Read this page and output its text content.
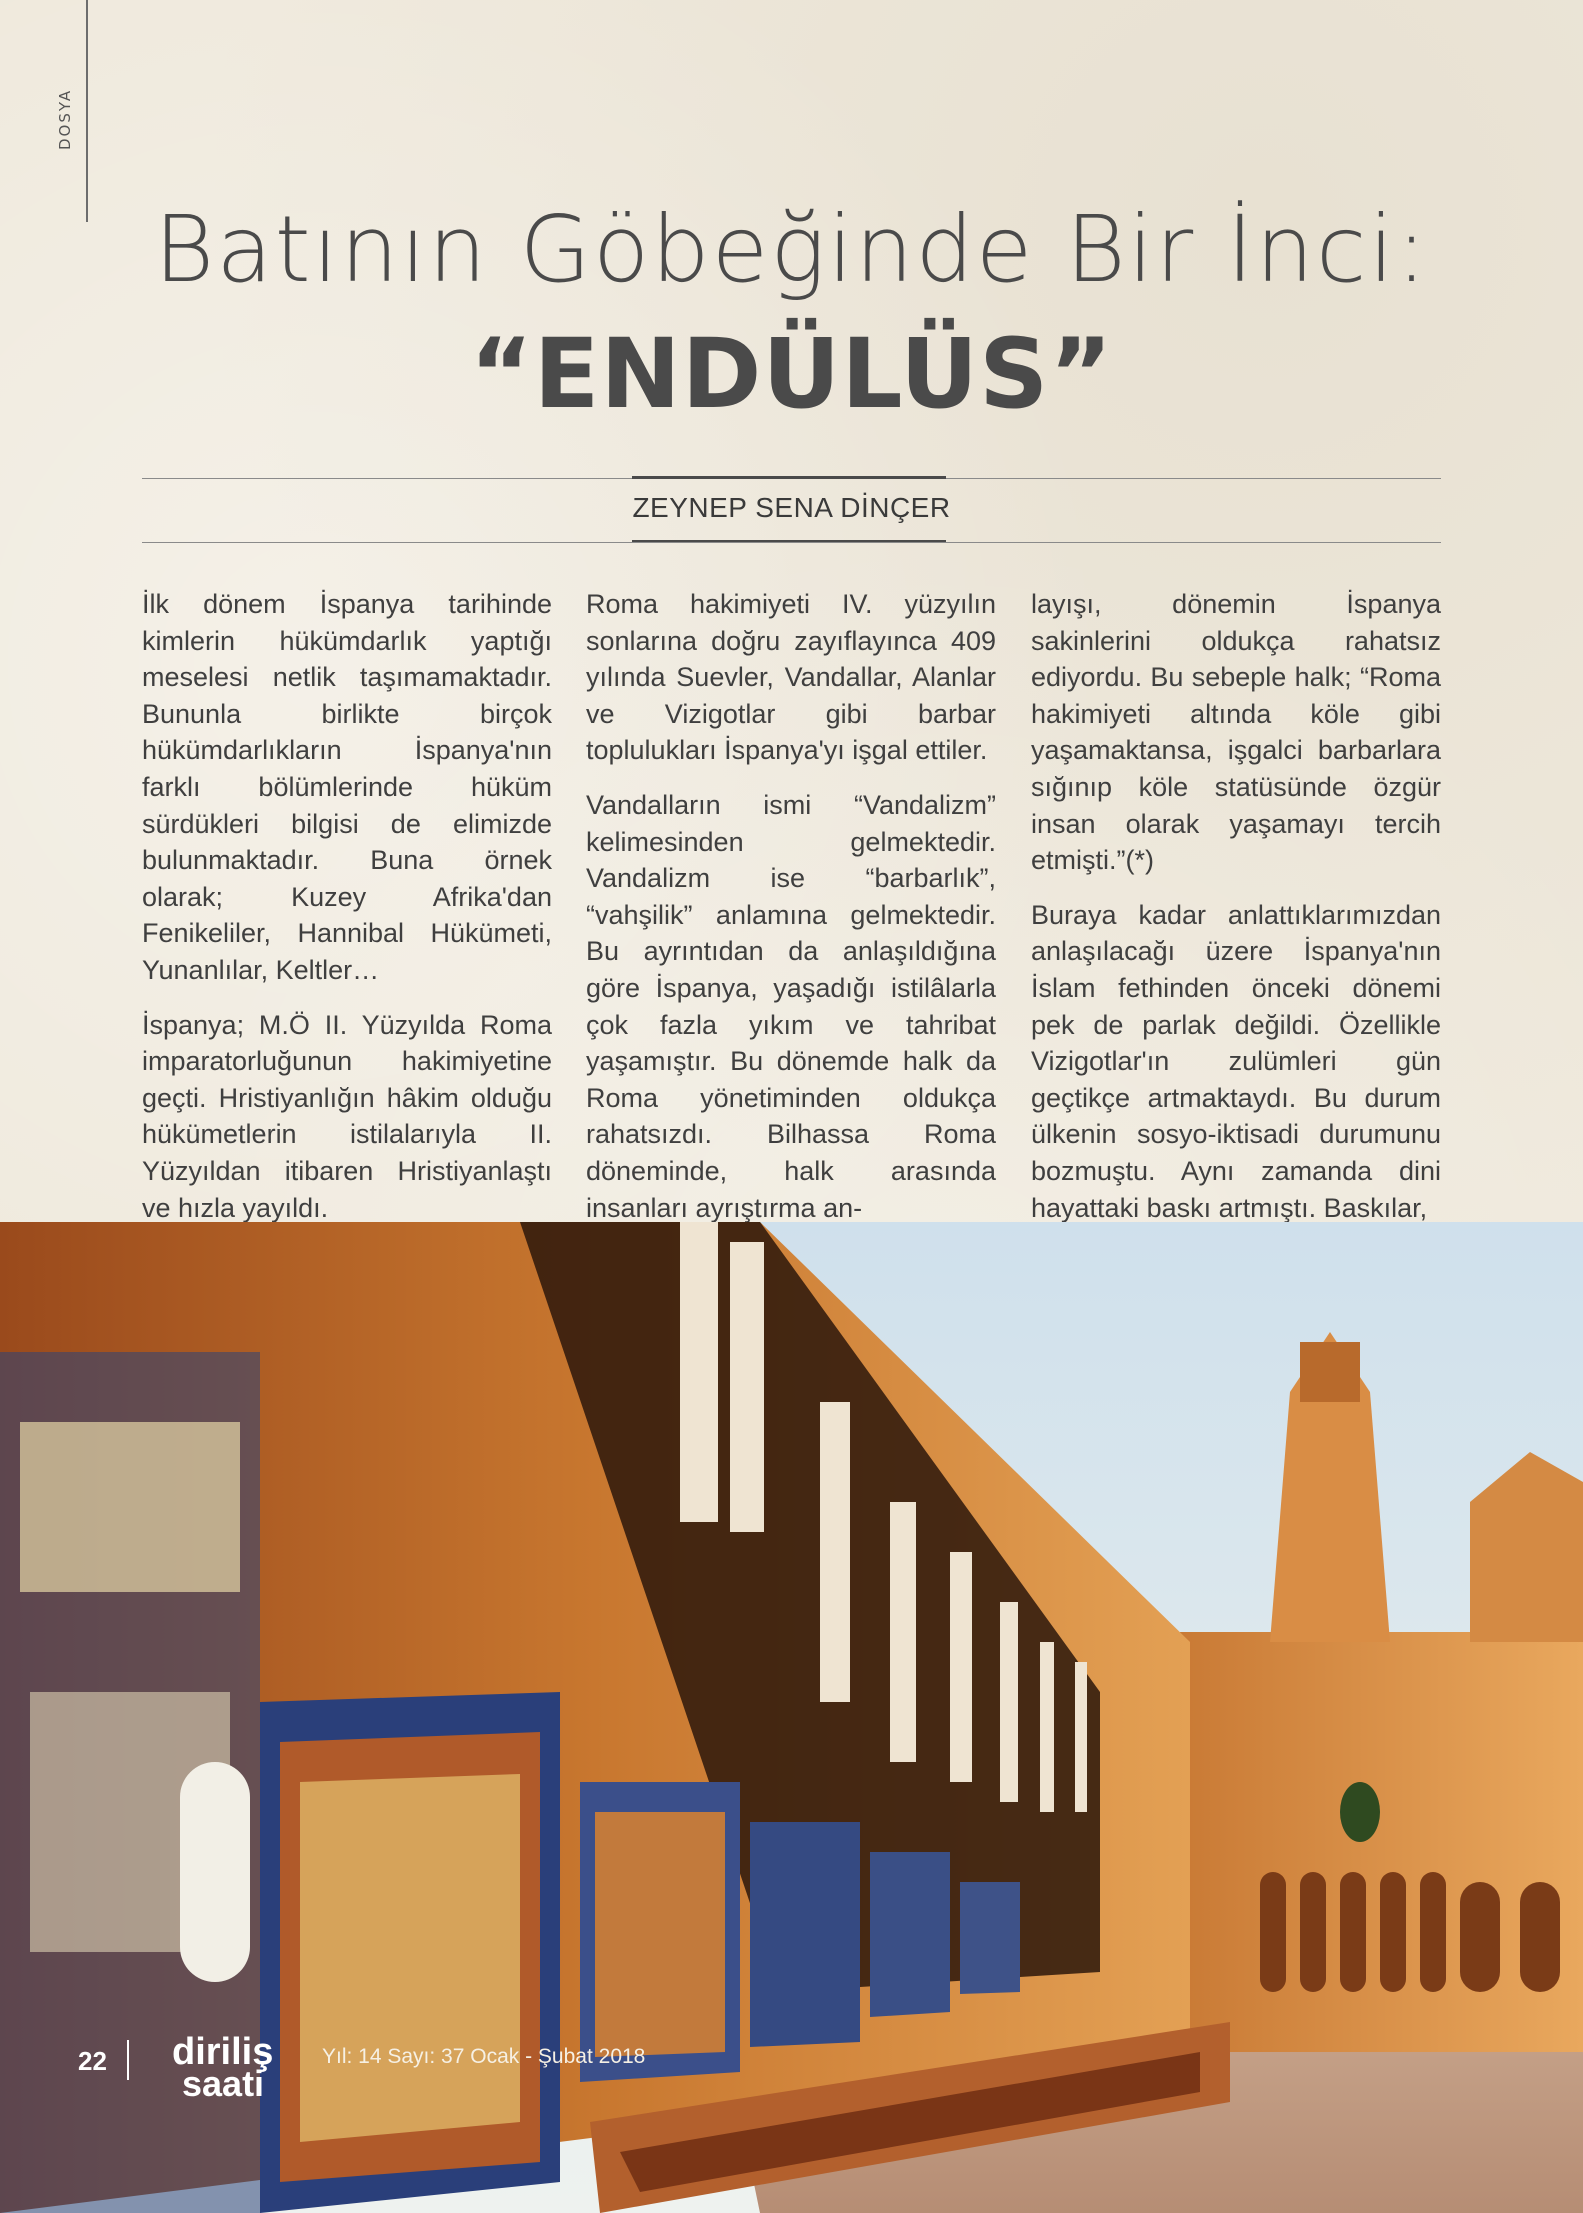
DOSYA
Batının Göbeğinde Bir İnci:
“ENDÜLÜS”
ZEYNEP SENA DİNÇER

İlk dönem İspanya tarihinde kimlerin hükümdarlık yaptığı meselesi netlik taşımamaktadır. Bununla birlikte birçok hükümdarlıkların İspanya'nın farklı bölümlerinde hüküm sürdükleri bilgisi de elimizde bulunmaktadır. Buna örnek olarak; Kuzey Afrika'dan Fenikeliler, Hannibal Hükümeti, Yunanlılar, Keltler…

İspanya; M.Ö II. Yüzyılda Roma imparatorluğunun hakimiyetine geçti. Hristiyanlığın hâkim olduğu hükümetlerin istilalarıyla II. Yüzyıldan itibaren Hristiyanlaştı ve hızla yayıldı.

Roma hakimiyeti IV. yüzyılın sonlarına doğru zayıflayınca 409 yılında Suevler, Vandallar, Alanlar ve Vizigotlar gibi barbar toplulukları İspanya'yı işgal ettiler.

Vandalların ismi “Vandalizm” kelimesinden gelmektedir. Vandalizm ise “barbarlık”, “vahşilik” anlamına gelmektedir. Bu ayrıntıdan da anlaşıldığına göre İspanya, yaşadığı istilâlarla çok fazla yıkım ve tahribat yaşamıştır. Bu dönemde halk da Roma yönetiminden oldukça rahatsızdı. Bilhassa Roma döneminde, halk arasında insanları ayrıştırma an-

layışı, dönemin İspanya sakinlerini oldukça rahatsız ediyordu. Bu sebeple halk; “Roma hakimiyeti altında köle gibi yaşamaktansa, işgalci barbarlara sığınıp köle statüsünde özgür insan olarak yaşamayı tercih etmişti.”(*)

Buraya kadar anlattıklarımızdan anlaşılacağı üzere İspanya'nın İslam fethinden önceki dönemi pek de parlak değildi. Özellikle Vizigotlar'ın zulümleri gün geçtikçe artmaktaydı. Bu durum ülkenin sosyo-iktisadi durumunu bozmuştu. Aynı zamanda dini hayattaki baskı artmıştı. Baskılar,

22 diriliş
saati
Yıl: 14 Sayı: 37 Ocak - Şubat 2018
